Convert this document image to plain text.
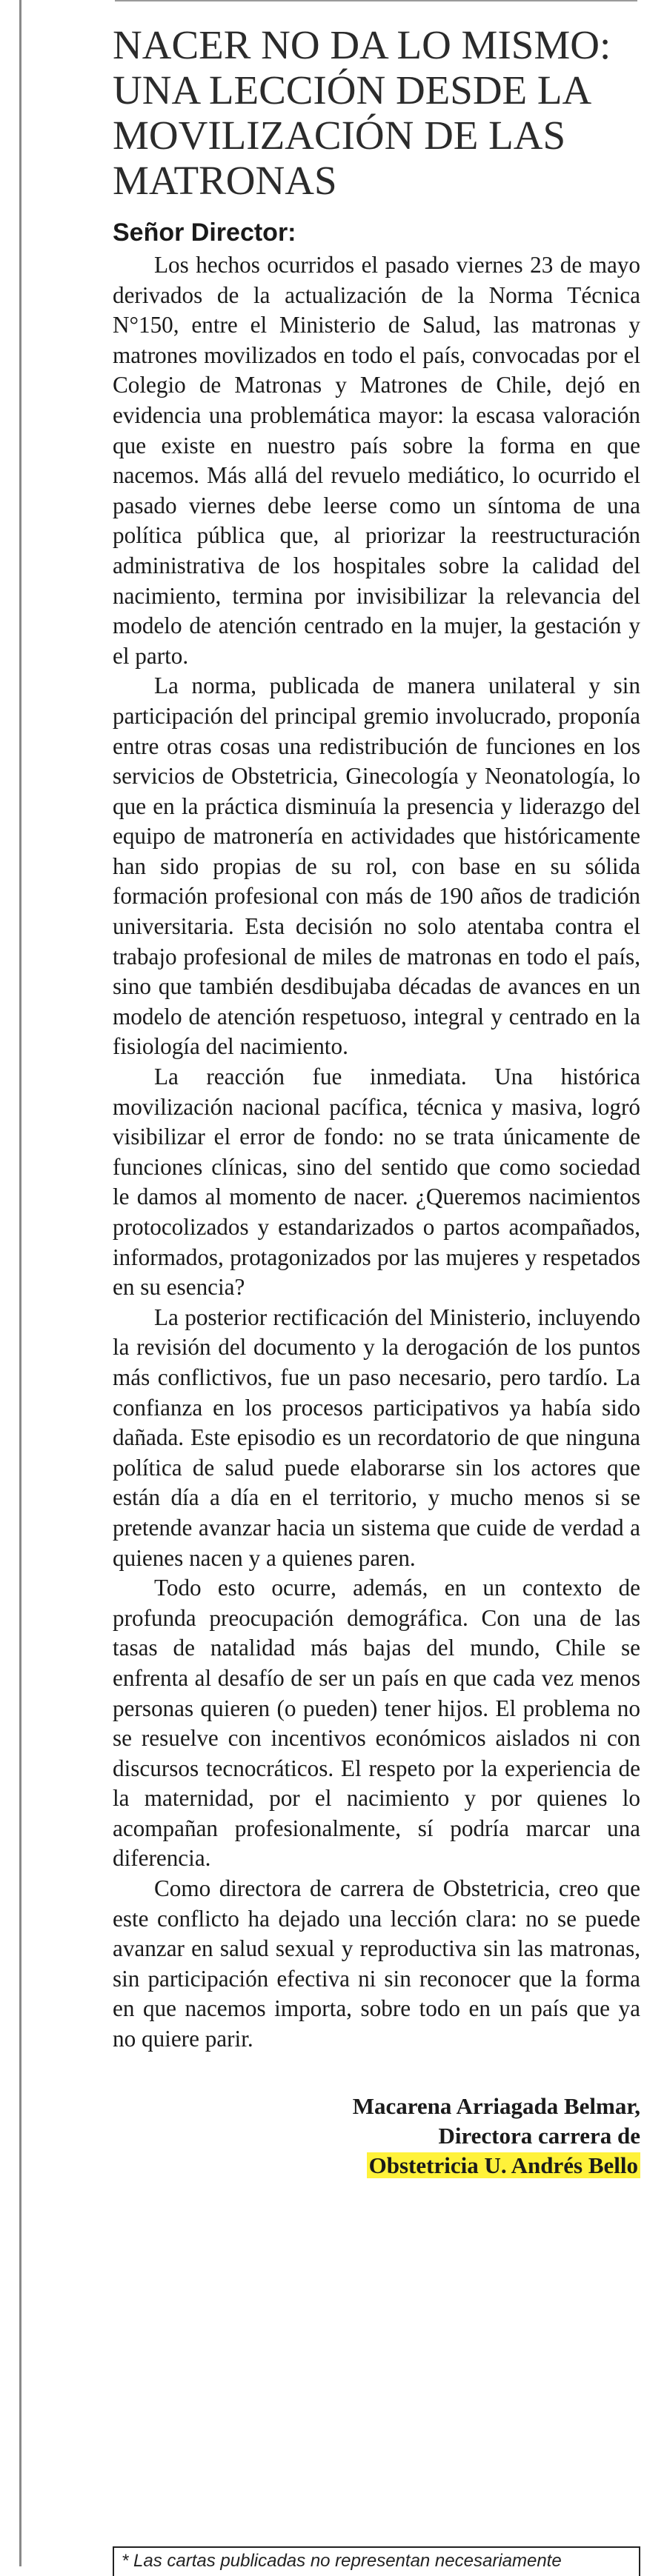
NACER NO DA LO MISMO: UNA LECCIÓN DESDE LA MOVILIZACIÓN DE LAS MATRONAS
Señor Director:

Los hechos ocurridos el pasado viernes 23 de mayo derivados de la actualización de la Norma Técnica N°150, entre el Ministerio de Salud, las matronas y matrones movilizados en todo el país, convocadas por el Colegio de Matronas y Matrones de Chile, dejó en evidencia una problemática mayor: la escasa valoración que existe en nuestro país sobre la forma en que nacemos. Más allá del revuelo mediático, lo ocurrido el pasado viernes debe leerse como un síntoma de una política pública que, al priorizar la reestructuración administrativa de los hospitales sobre la calidad del nacimiento, termina por invisibilizar la relevancia del modelo de atención centrado en la mujer, la gestación y el parto.

La norma, publicada de manera unilateral y sin participación del principal gremio involucrado, proponía entre otras cosas una redistribución de funciones en los servicios de Obstetricia, Ginecología y Neonatología, lo que en la práctica disminuía la presencia y liderazgo del equipo de matronería en actividades que históricamente han sido propias de su rol, con base en su sólida formación profesional con más de 190 años de tradición universitaria. Esta decisión no solo atentaba contra el trabajo profesional de miles de matronas en todo el país, sino que también desdibujaba décadas de avances en un modelo de atención respetuoso, integral y centrado en la fisiología del nacimiento.

La reacción fue inmediata. Una histórica movilización nacional pacífica, técnica y masiva, logró visibilizar el error de fondo: no se trata únicamente de funciones clínicas, sino del sentido que como sociedad le damos al momento de nacer. ¿Queremos nacimientos protocolizados y estandarizados o partos acompañados, informados, protagonizados por las mujeres y respetados en su esencia?

La posterior rectificación del Ministerio, incluyendo la revisión del documento y la derogación de los puntos más conflictivos, fue un paso necesario, pero tardío. La confianza en los procesos participativos ya había sido dañada. Este episodio es un recordatorio de que ninguna política de salud puede elaborarse sin los actores que están día a día en el territorio, y mucho menos si se pretende avanzar hacia un sistema que cuide de verdad a quienes nacen y a quienes paren.

Todo esto ocurre, además, en un contexto de profunda preocupación demográfica. Con una de las tasas de natalidad más bajas del mundo, Chile se enfrenta al desafío de ser un país en que cada vez menos personas quieren (o pueden) tener hijos. El problema no se resuelve con incentivos económicos aislados ni con discursos tecnocráticos. El respeto por la experiencia de la maternidad, por el nacimiento y por quienes lo acompañan profesionalmente, sí podría marcar una diferencia.

Como directora de carrera de Obstetricia, creo que este conflicto ha dejado una lección clara: no se puede avanzar en salud sexual y reproductiva sin las matronas, sin participación efectiva ni sin reconocer que la forma en que nacemos importa, sobre todo en un país que ya no quiere parir.

Macarena Arriagada Belmar,
Directora carrera de
Obstetricia U. Andrés Bello
* Las cartas publicadas no representan necesariamente
